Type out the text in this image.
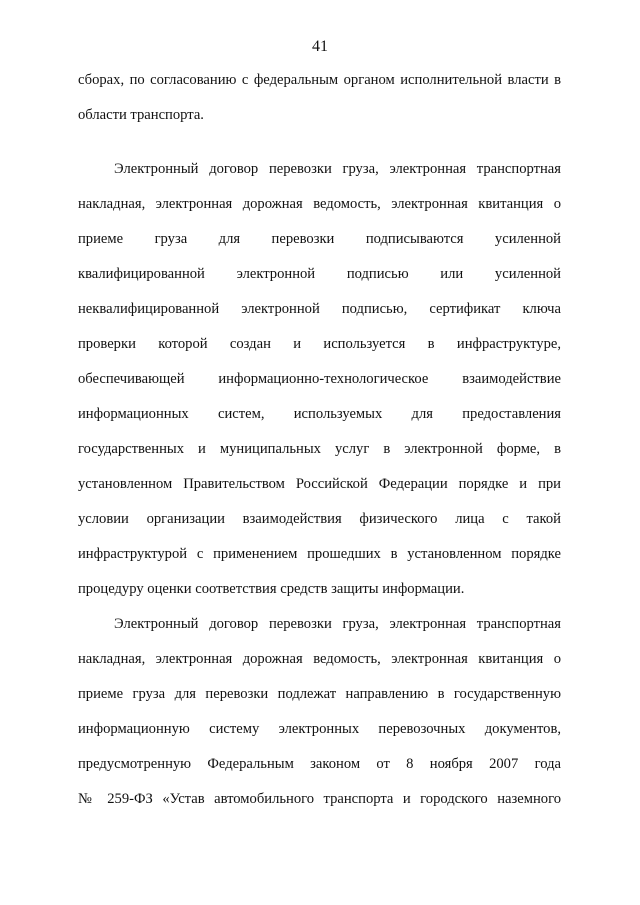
41
сборах, по согласованию с федеральным органом исполнительной власти в
области транспорта.
Электронный договор перевозки груза, электронная транспортная
накладная, электронная дорожная ведомость, электронная квитанция о
приеме груза для перевозки подписываются усиленной
квалифицированной электронной подписью или усиленной
неквалифицированной электронной подписью, сертификат ключа
проверки которой создан и используется в инфраструктуре,
обеспечивающей информационно-технологическое взаимодействие
информационных систем, используемых для предоставления
государственных и муниципальных услуг в электронной форме, в
установленном Правительством Российской Федерации порядке и при
условии организации взаимодействия физического лица с такой
инфраструктурой с применением прошедших в установленном порядке
процедуру оценки соответствия средств защиты информации.
Электронный договор перевозки груза, электронная транспортная
накладная, электронная дорожная ведомость, электронная квитанция о
приеме груза для перевозки подлежат направлению в государственную
информационную систему электронных перевозочных документов,
предусмотренную Федеральным законом от 8 ноября 2007 года
№ 259-ФЗ «Устав автомобильного транспорта и городского наземного
